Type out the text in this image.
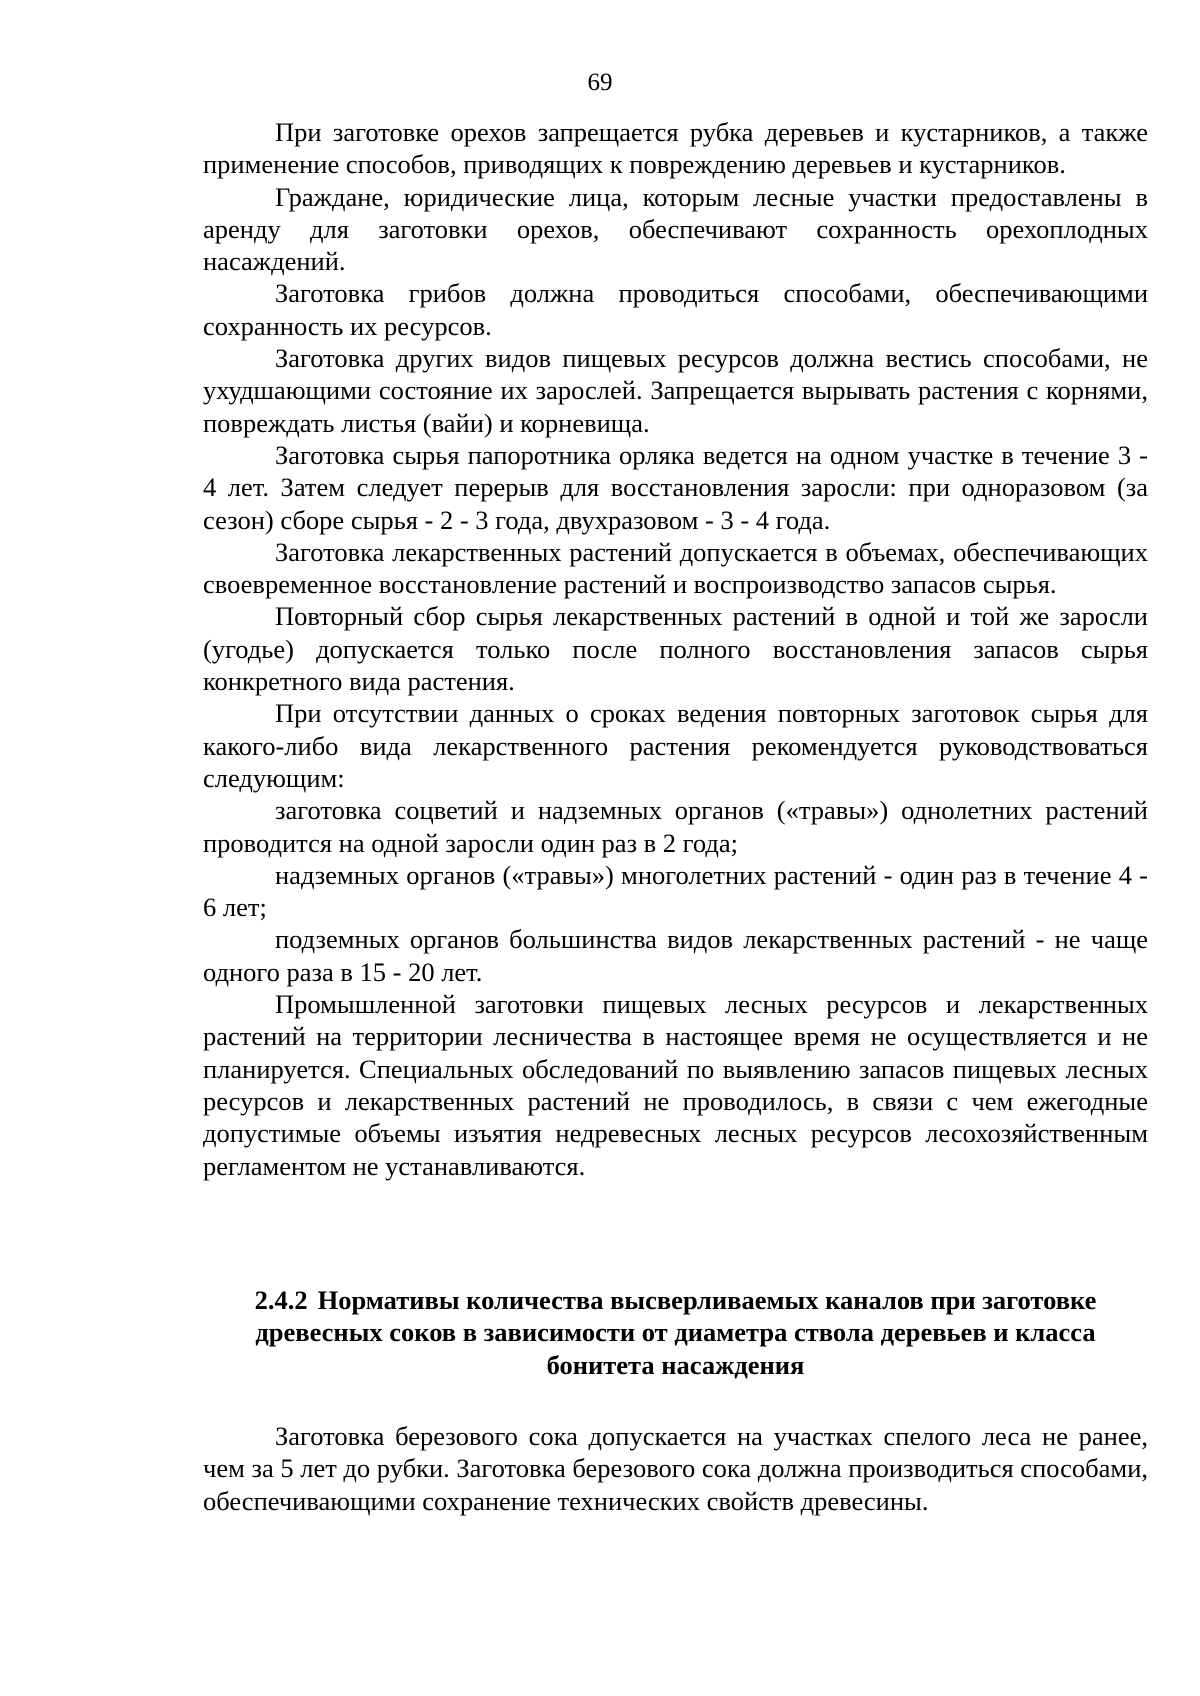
69

При заготовке орехов запрещается рубка деревьев и кустарников, а также применение способов, приводящих к повреждению деревьев и кустарников.

Граждане, юридические лица, которым лесные участки предоставлены в аренду для заготовки орехов, обеспечивают сохранность орехоплодных насаждений.

Заготовка грибов должна проводиться способами, обеспечивающими сохранность их ресурсов.

Заготовка других видов пищевых ресурсов должна вестись способами, не ухудшающими состояние их зарослей. Запрещается вырывать растения с корнями, повреждать листья (вайи) и корневища.

Заготовка сырья папоротника орляка ведется на одном участке в течение 3 - 4 лет. Затем следует перерыв для восстановления заросли: при одноразовом (за сезон) сборе сырья - 2 - 3 года, двухразовом - 3 - 4 года.

Заготовка лекарственных растений допускается в объемах, обеспечивающих своевременное восстановление растений и воспроизводство запасов сырья.

Повторный сбор сырья лекарственных растений в одной и той же заросли (угодье) допускается только после полного восстановления запасов сырья конкретного вида растения.

При отсутствии данных о сроках ведения повторных заготовок сырья для какого-либо вида лекарственного растения рекомендуется руководствоваться следующим:

заготовка соцветий и надземных органов («травы») однолетних растений проводится на одной заросли один раз в 2 года;

надземных органов («травы») многолетних растений - один раз в течение 4 - 6 лет;

подземных органов большинства видов лекарственных растений - не чаще одного раза в 15 - 20 лет.

Промышленной заготовки пищевых лесных ресурсов и лекарственных растений на территории лесничества в настоящее время не осуществляется и не планируется. Специальных обследований по выявлению запасов пищевых лесных ресурсов и лекарственных растений не проводилось, в связи с чем ежегодные допустимые объемы изъятия недревесных лесных ресурсов лесохозяйственным регламентом не устанавливаются.

2.4.2 Нормативы количества высверливаемых каналов при заготовке древесных соков в зависимости от диаметра ствола деревьев и класса бонитета насаждения

Заготовка березового сока допускается на участках спелого леса не ранее, чем за 5 лет до рубки. Заготовка березового сока должна производиться способами, обеспечивающими сохранение технических свойств древесины.
